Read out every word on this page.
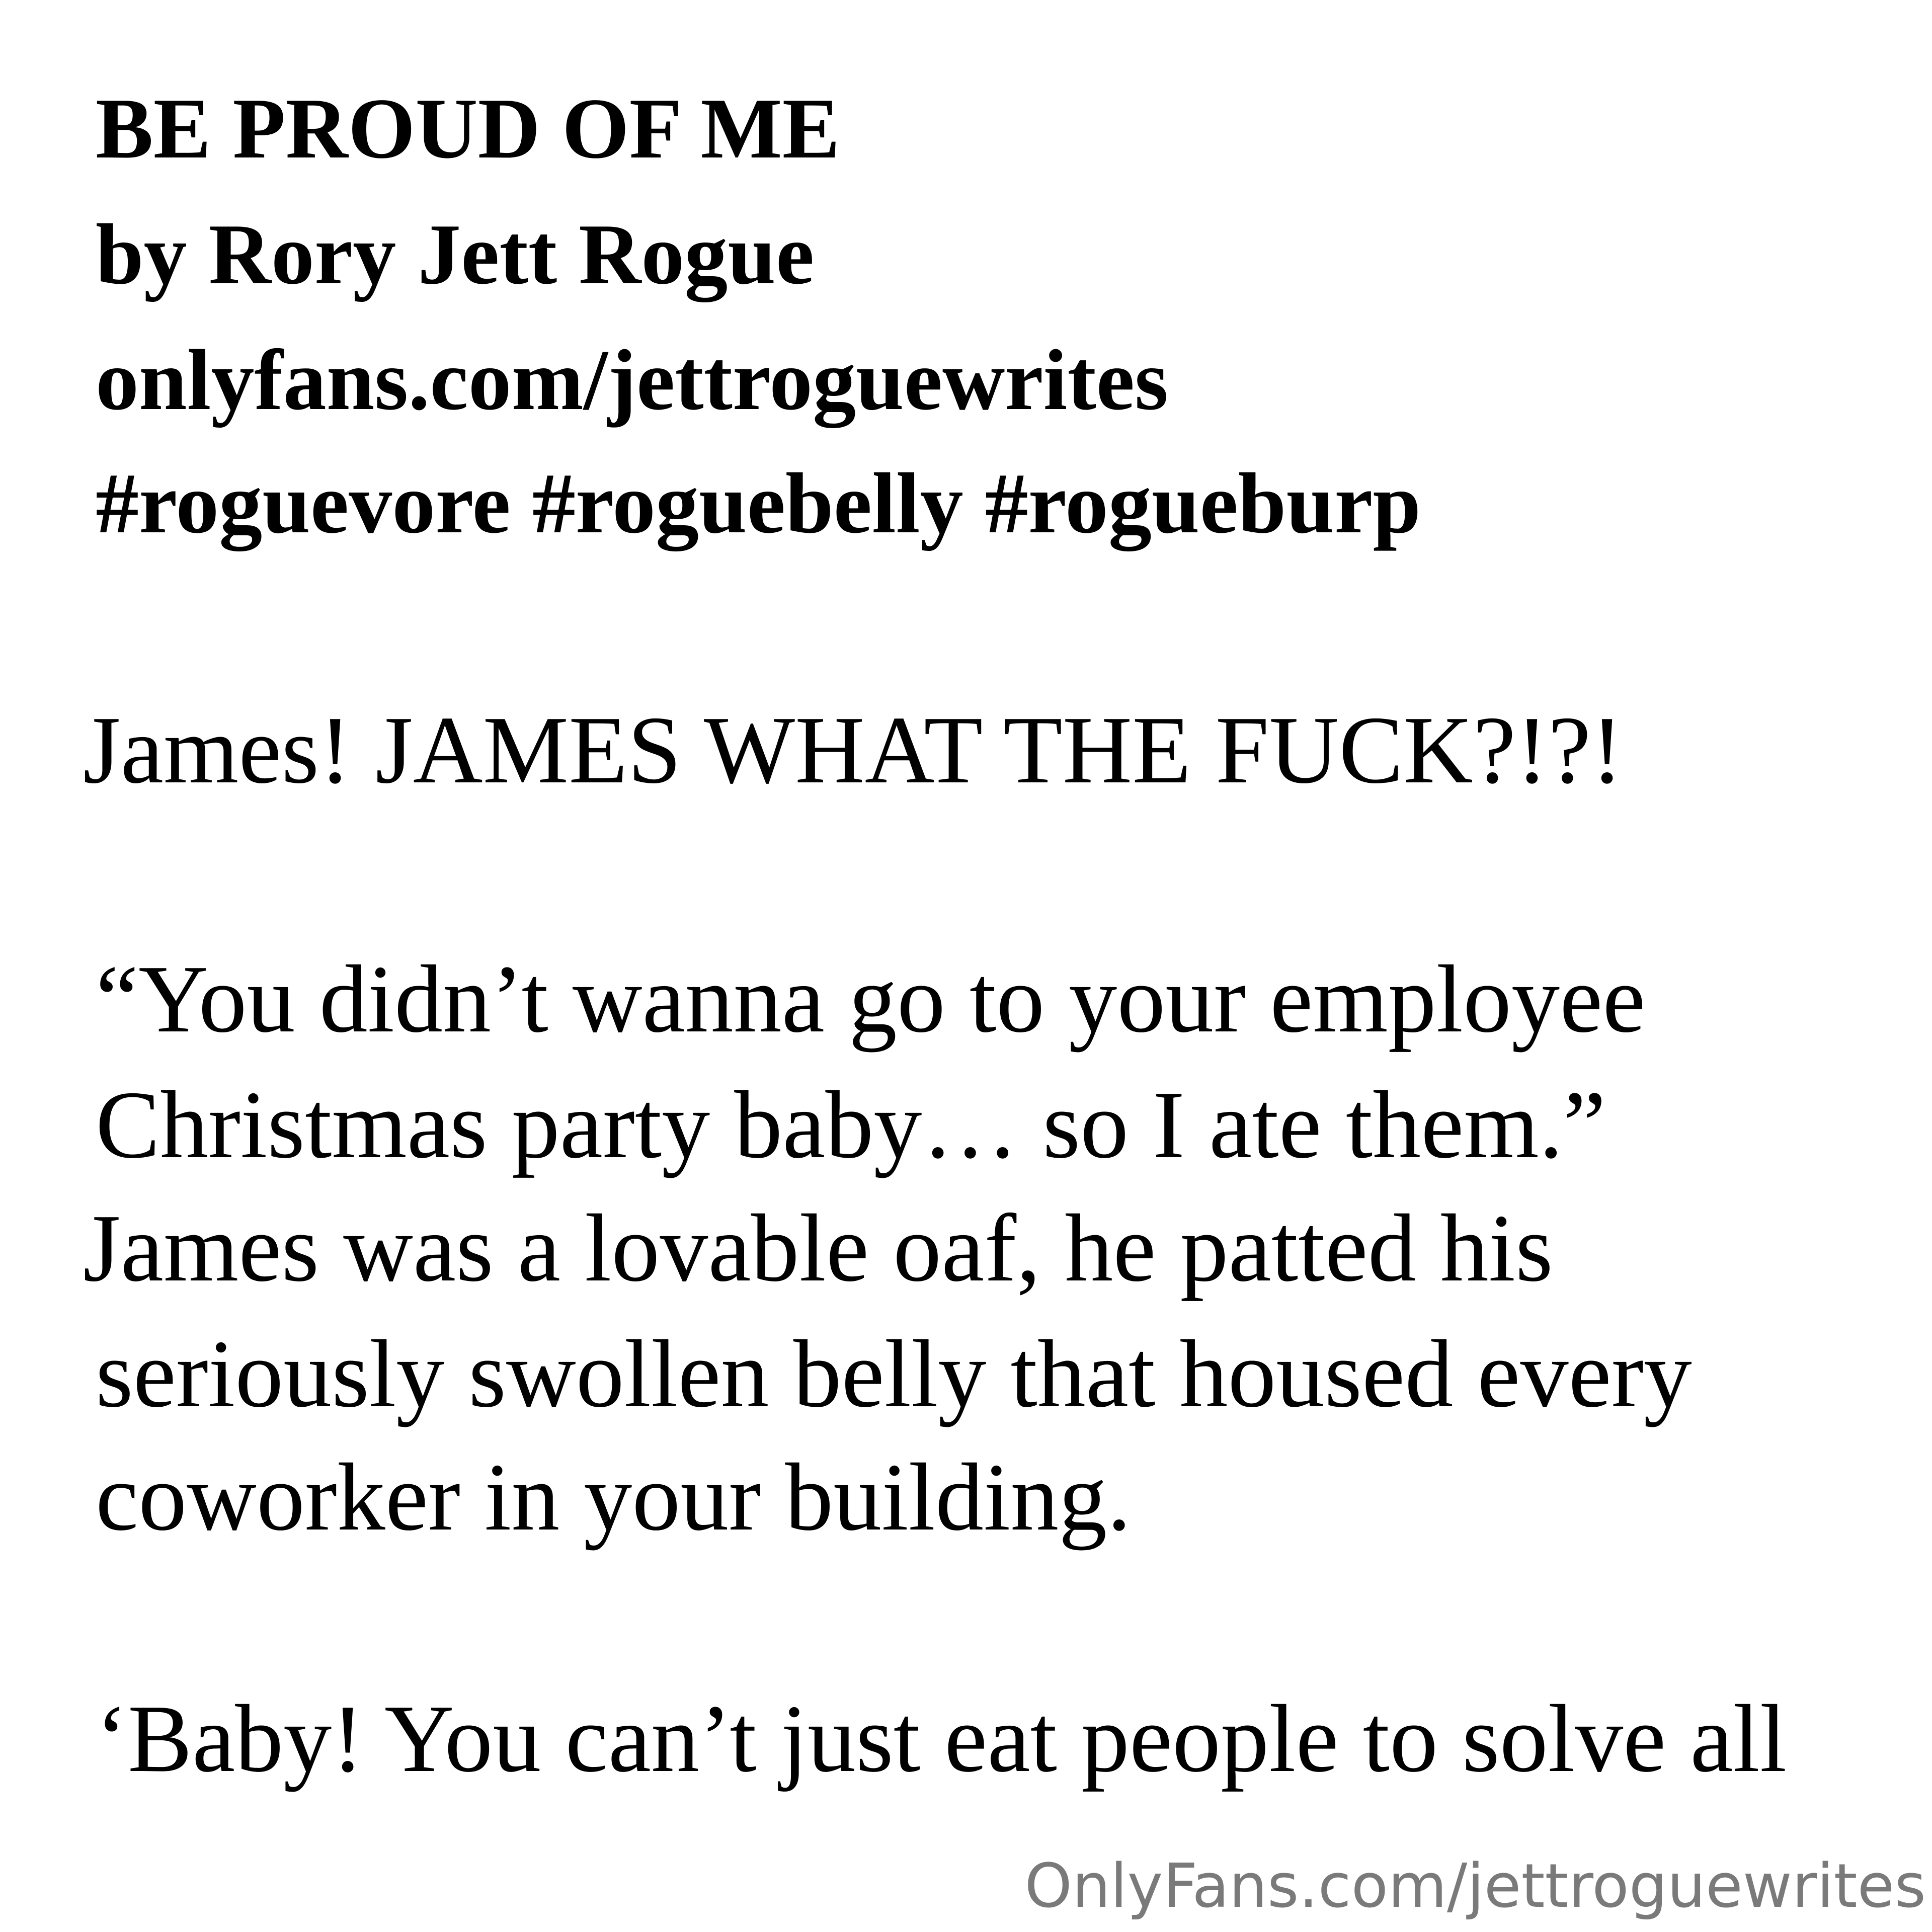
BE PROUD OF ME
by Rory Jett Rogue
onlyfans.com/jettroguewrites
#roguevore #roguebelly #rogueburp
James! JAMES WHAT THE FUCK?!?!
“You didn’t wanna go to your employee
Christmas party baby… so I ate them.”
James was a lovable oaf, he patted his
seriously swollen belly that housed every
coworker in your building.
‘Baby! You can’t just eat people to solve all
OnlyFans.com/jettroguewrites
